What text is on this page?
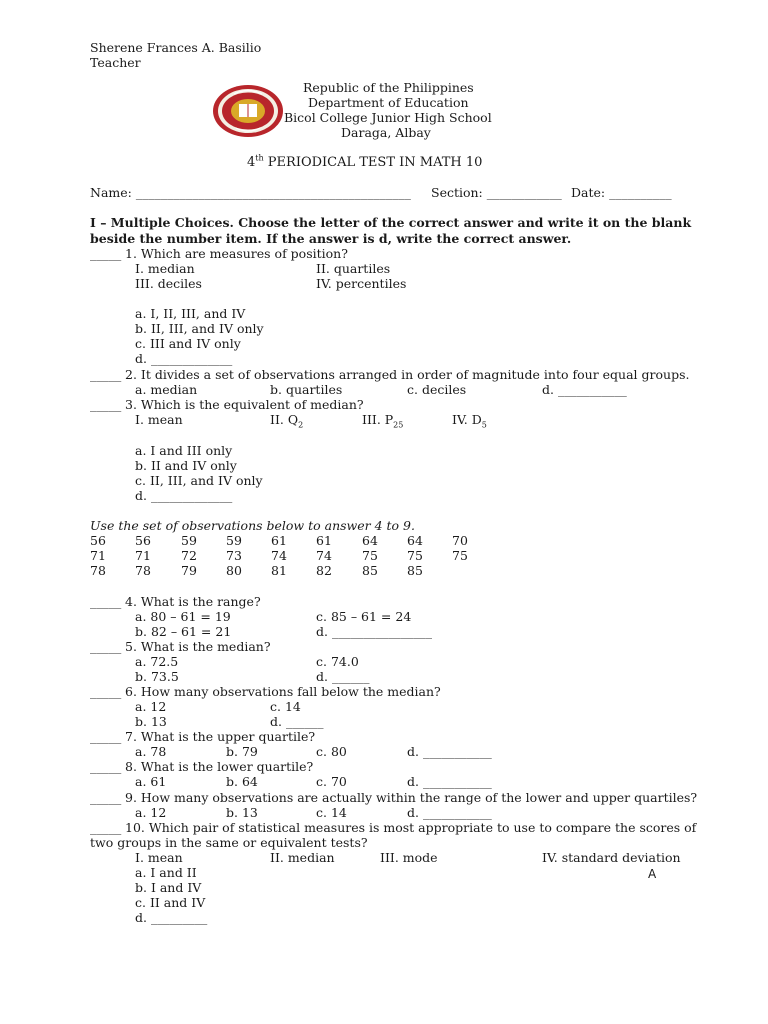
Sherene Frances A. Basilio
Teacher
Republic of the Philippines
Department of Education
Bicol College Junior High School
Daraga, Albay
4th PERIODICAL TEST IN MATH 10
Name: ____________________________________________ Section: ____________ Date: __________
I – Multiple Choices. Choose the letter of the correct answer and write it on the blank
beside the number item. If the answer is d, write the correct answer.
_____ 1. Which are measures of position?
I. median	II. quartiles
III. deciles	IV. percentiles
a. I, II, III, and IV
b. II, III, and IV only
c. III and IV only
d. _____________
_____ 2. It divides a set of observations arranged in order of magnitude into four equal groups.
a. median	b. quartiles	c. deciles	d. ___________
_____ 3. Which is the equivalent of median?
I. mean	II. $Q_2$	III. $P_{25}$	IV. $D_5$
a. I and III only
b. II and IV only
c. II, III, and IV only
d. _____________
Use the set of observations below to answer 4 to 9.
56 56 59 59 61 61 64 64 70
71 71 72 73 74 74 75 75 75
78 78 79 80 81 82 85 85
_____ 4. What is the range?
a. 80 – 61 = 19	c. 85 – 61 = 24
b. 82 – 61 = 21	d. ________________
_____ 5. What is the median?
a. 72.5	c. 74.0
b. 73.5	d. ______
_____ 6. How many observations fall below the median?
a. 12	c. 14
b. 13	d. ______
_____ 7. What is the upper quartile?
a. 78	b. 79	c. 80	d. ___________
_____ 8. What is the lower quartile?
a. 61	b. 64	c. 70	d. ___________
_____ 9. How many observations are actually within the range of the lower and upper quartiles?
a. 12	b. 13	c. 14	d. ___________
_____ 10. Which pair of statistical measures is most appropriate to use to compare the scores of
two groups in the same or equivalent tests?
I. mean	II. median	III. mode	IV. standard deviation
a. I and II	A
b. I and IV
c. II and IV
d. _________
